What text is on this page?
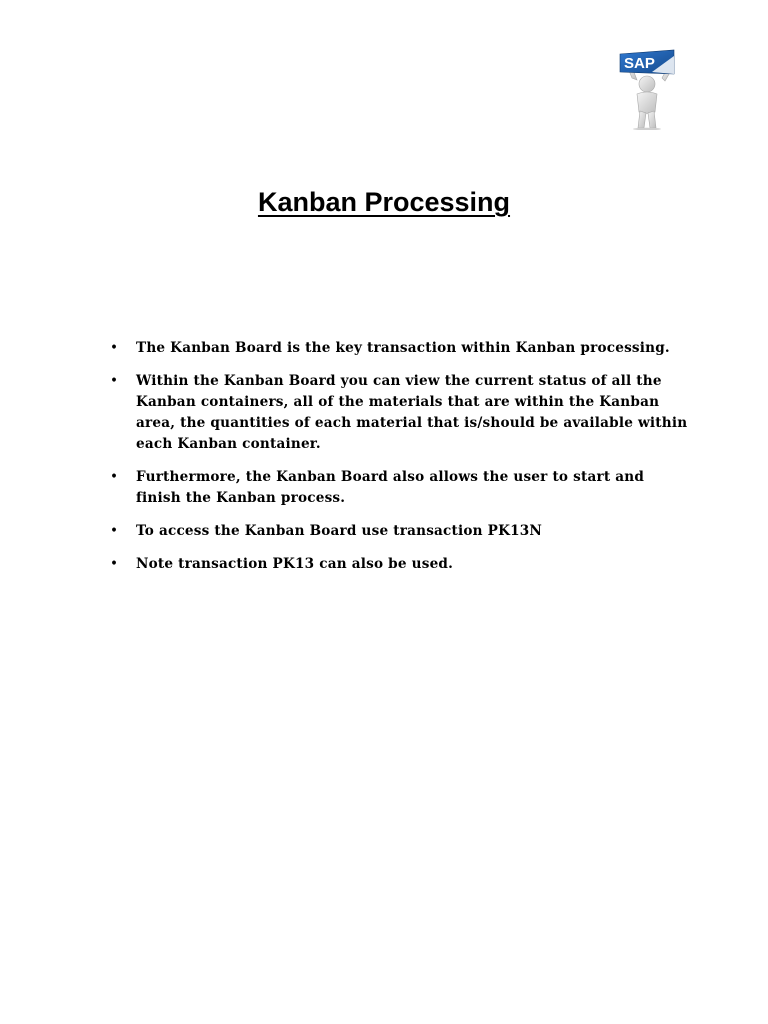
SAP
Kanban Processing
• The Kanban Board is the key transaction within Kanban processing.
• Within the Kanban Board you can view the current status of all the Kanban containers, all of the materials that are within the Kanban area, the quantities of each material that is/should be available within each Kanban container.
• Furthermore, the Kanban Board also allows the user to start and finish the Kanban process.
• To access the Kanban Board use transaction PK13N
• Note transaction PK13 can also be used.
